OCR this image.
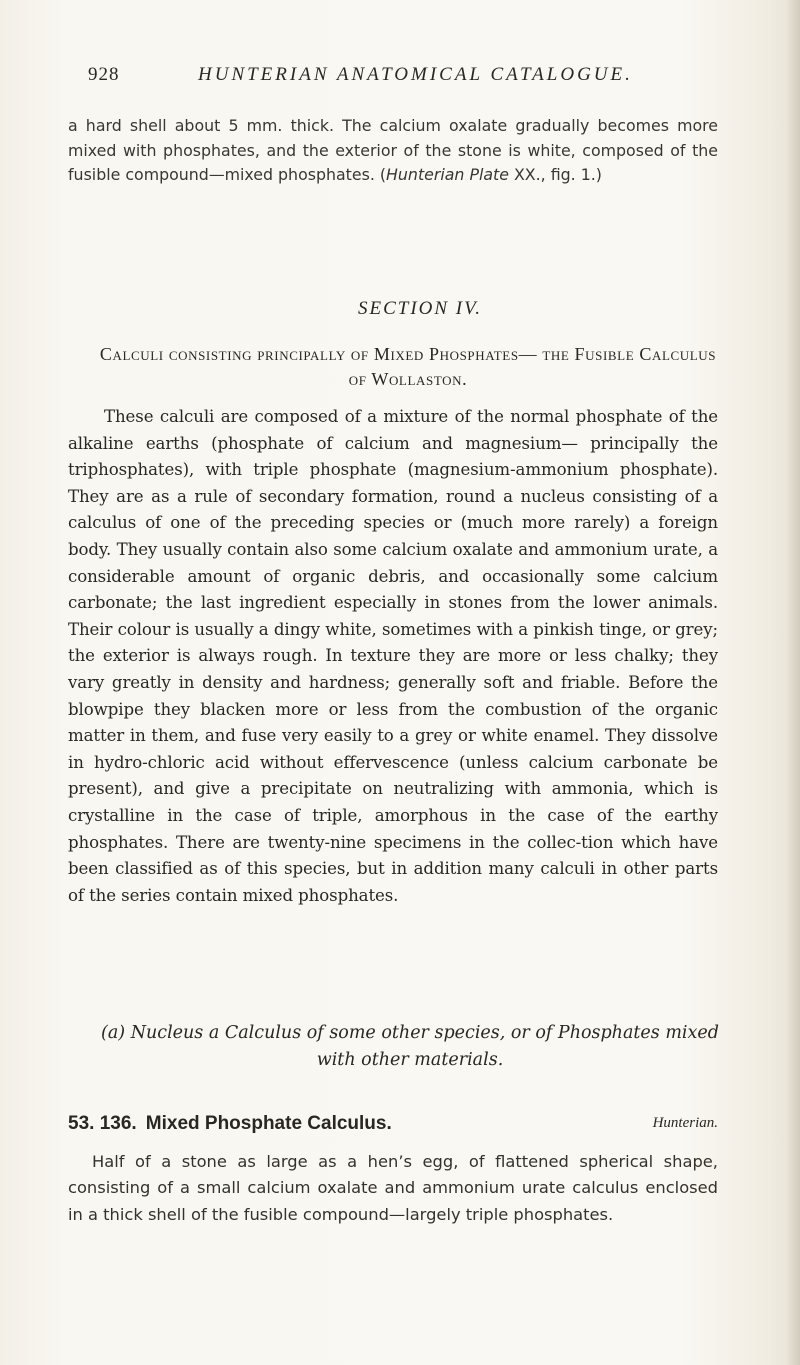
928	HUNTERIAN ANATOMICAL CATALOGUE.

a hard shell about 5 mm. thick. The calcium oxalate gradually becomes more mixed with phosphates, and the exterior of the stone is white, composed of the fusible compound—mixed phosphates. (Hunterian Plate XX., fig. 1.)

SECTION IV.
Calculi consisting principally of Mixed Phosphates— the Fusible Calculus of Wollaston.

These calculi are composed of a mixture of the normal phosphate of the alkaline earths (phosphate of calcium and magnesium— principally the triphosphates), with triple phosphate (magnesium-ammonium phosphate). They are as a rule of secondary formation, round a nucleus consisting of a calculus of one of the preceding species or (much more rarely) a foreign body. They usually contain also some calcium oxalate and ammonium urate, a considerable amount of organic debris, and occasionally some calcium carbonate; the last ingredient especially in stones from the lower animals. Their colour is usually a dingy white, sometimes with a pinkish tinge, or grey; the exterior is always rough. In texture they are more or less chalky; they vary greatly in density and hardness; generally soft and friable. Before the blowpipe they blacken more or less from the combustion of the organic matter in them, and fuse very easily to a grey or white enamel. They dissolve in hydro-chloric acid without effervescence (unless calcium carbonate be present), and give a precipitate on neutralizing with ammonia, which is crystalline in the case of triple, amorphous in the case of the earthy phosphates. There are twenty-nine specimens in the collec-tion which have been classified as of this species, but in addition many calculi in other parts of the series contain mixed phosphates.

(a) Nucleus a Calculus of some other species, or of Phosphates mixed with other materials.
53. 136. Mixed Phosphate Calculus.	Hunterian.

Half of a stone as large as a hen’s egg, of flattened spherical shape, consisting of a small calcium oxalate and ammonium urate calculus enclosed in a thick shell of the fusible compound—largely triple phosphates.
